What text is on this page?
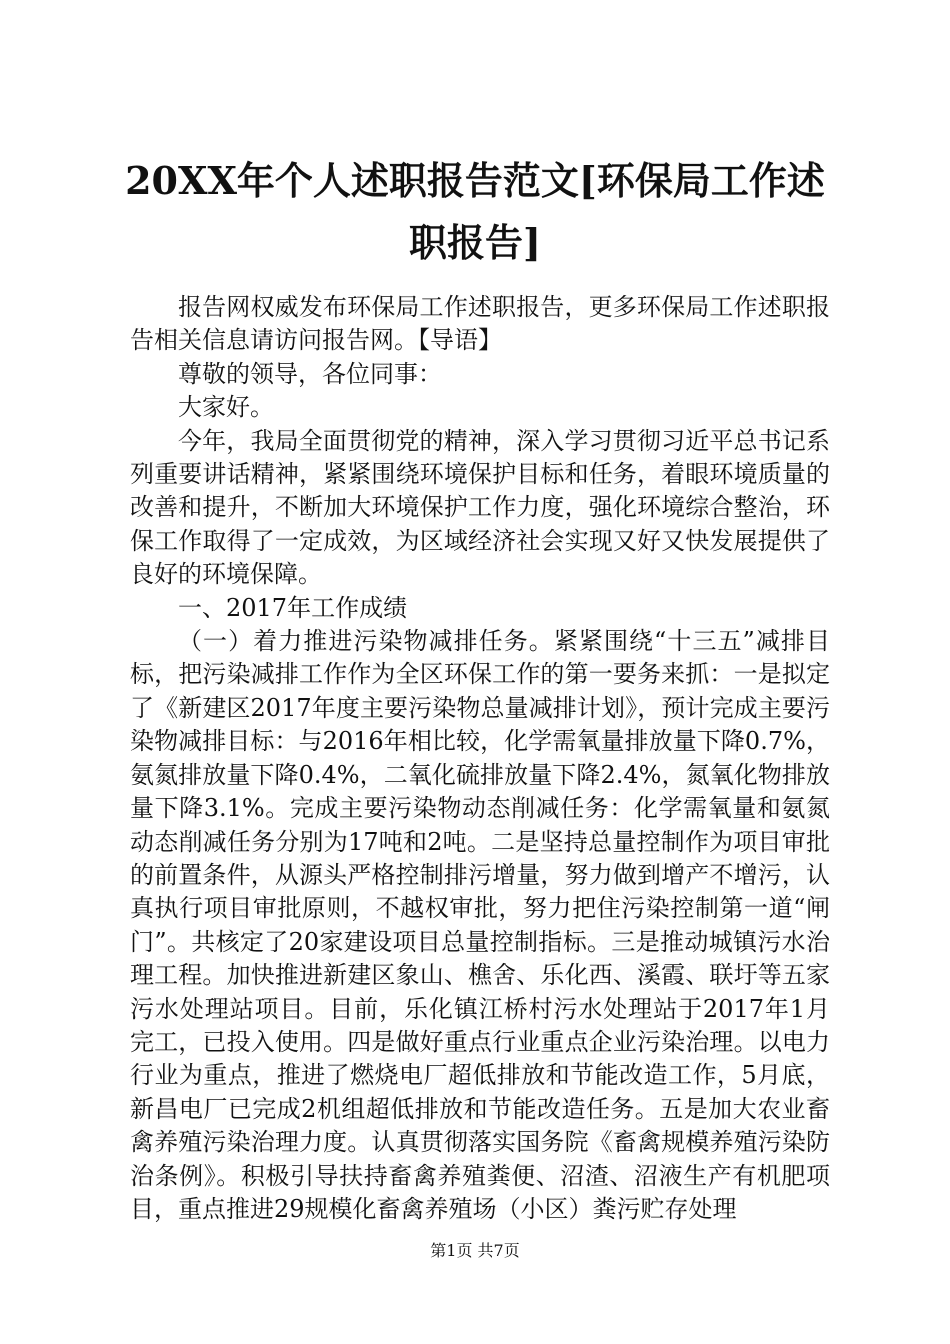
20XX年个人述职报告范文[环保局工作述职报告]

报告网权威发布环保局工作述职报告，更多环保局工作述职报告相关信息请访问报告网。【导语】

尊敬的领导，各位同事：

大家好。

今年，我局全面贯彻党的精神，深入学习贯彻习近平总书记系列重要讲话精神，紧紧围绕环境保护目标和任务，着眼环境质量的改善和提升，不断加大环境保护工作力度，强化环境综合整治，环保工作取得了一定成效，为区域经济社会实现又好又快发展提供了良好的环境保障。

一、2017年工作成绩

（一）着力推进污染物减排任务。紧紧围绕“十三五”减排目标，把污染减排工作作为全区环保工作的第一要务来抓：一是拟定了《新建区2017年度主要污染物总量减排计划》，预计完成主要污染物减排目标：与2016年相比较，化学需氧量排放量下降0.7%，氨氮排放量下降0.4%，二氧化硫排放量下降2.4%，氮氧化物排放量下降3.1%。完成主要污染物动态削减任务：化学需氧量和氨氮动态削减任务分别为17吨和2吨。二是坚持总量控制作为项目审批的前置条件，从源头严格控制排污增量，努力做到增产不增污，认真执行项目审批原则，不越权审批，努力把住污染控制第一道“闸门”。共核定了20家建设项目总量控制指标。三是推动城镇污水治理工程。加快推进新建区象山、樵舍、乐化西、溪霞、联圩等五家污水处理站项目。目前，乐化镇江桥村污水处理站于2017年1月完工，已投入使用。四是做好重点行业重点企业污染治理。以电力行业为重点，推进了燃烧电厂超低排放和节能改造工作，5月底，新昌电厂已完成2机组超低排放和节能改造任务。五是加大农业畜禽养殖污染治理力度。认真贯彻落实国务院《畜禽规模养殖污染防治条例》。积极引导扶持畜禽养殖粪便、沼渣、沼液生产有机肥项目，重点推进29规模化畜禽养殖场（小区）粪污贮存处理

第1页 共7页
